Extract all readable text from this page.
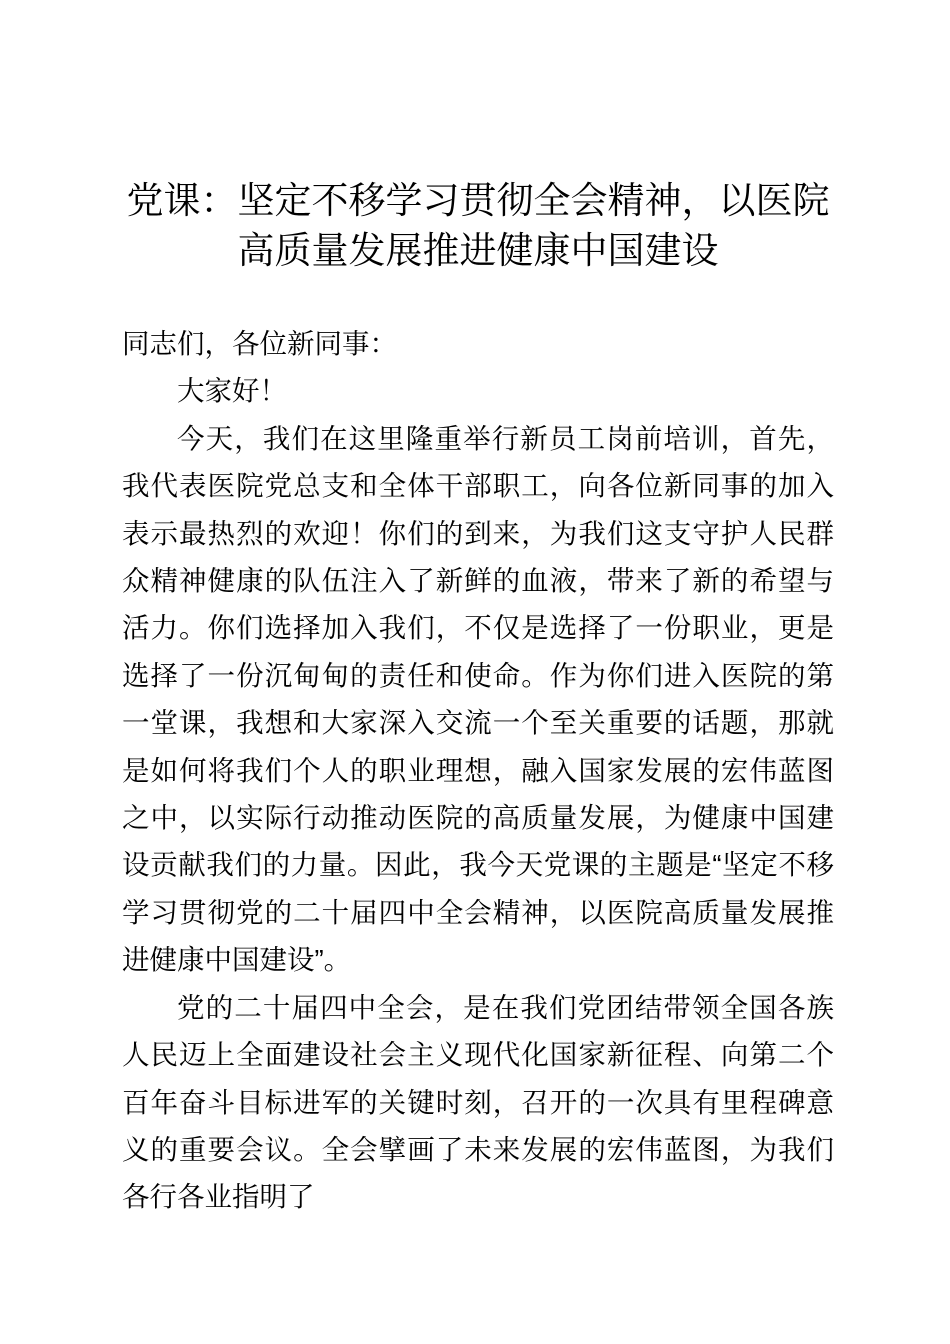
党课：坚定不移学习贯彻全会精神，以医院高质量发展推进健康中国建设

同志们，各位新同事：

大家好！

今天，我们在这里隆重举行新员工岗前培训，首先，我代表医院党总支和全体干部职工，向各位新同事的加入表示最热烈的欢迎！你们的到来，为我们这支守护人民群众精神健康的队伍注入了新鲜的血液，带来了新的希望与活力。你们选择加入我们，不仅是选择了一份职业，更是选择了一份沉甸甸的责任和使命。作为你们进入医院的第一堂课，我想和大家深入交流一个至关重要的话题，那就是如何将我们个人的职业理想，融入国家发展的宏伟蓝图之中，以实际行动推动医院的高质量发展，为健康中国建设贡献我们的力量。因此，我今天党课的主题是“坚定不移学习贯彻党的二十届四中全会精神，以医院高质量发展推进健康中国建设”。

党的二十届四中全会，是在我们党团结带领全国各族人民迈上全面建设社会主义现代化国家新征程、向第二个百年奋斗目标进军的关键时刻，召开的一次具有里程碑意义的重要会议。全会擘画了未来发展的宏伟蓝图，为我们各行各业指明了
